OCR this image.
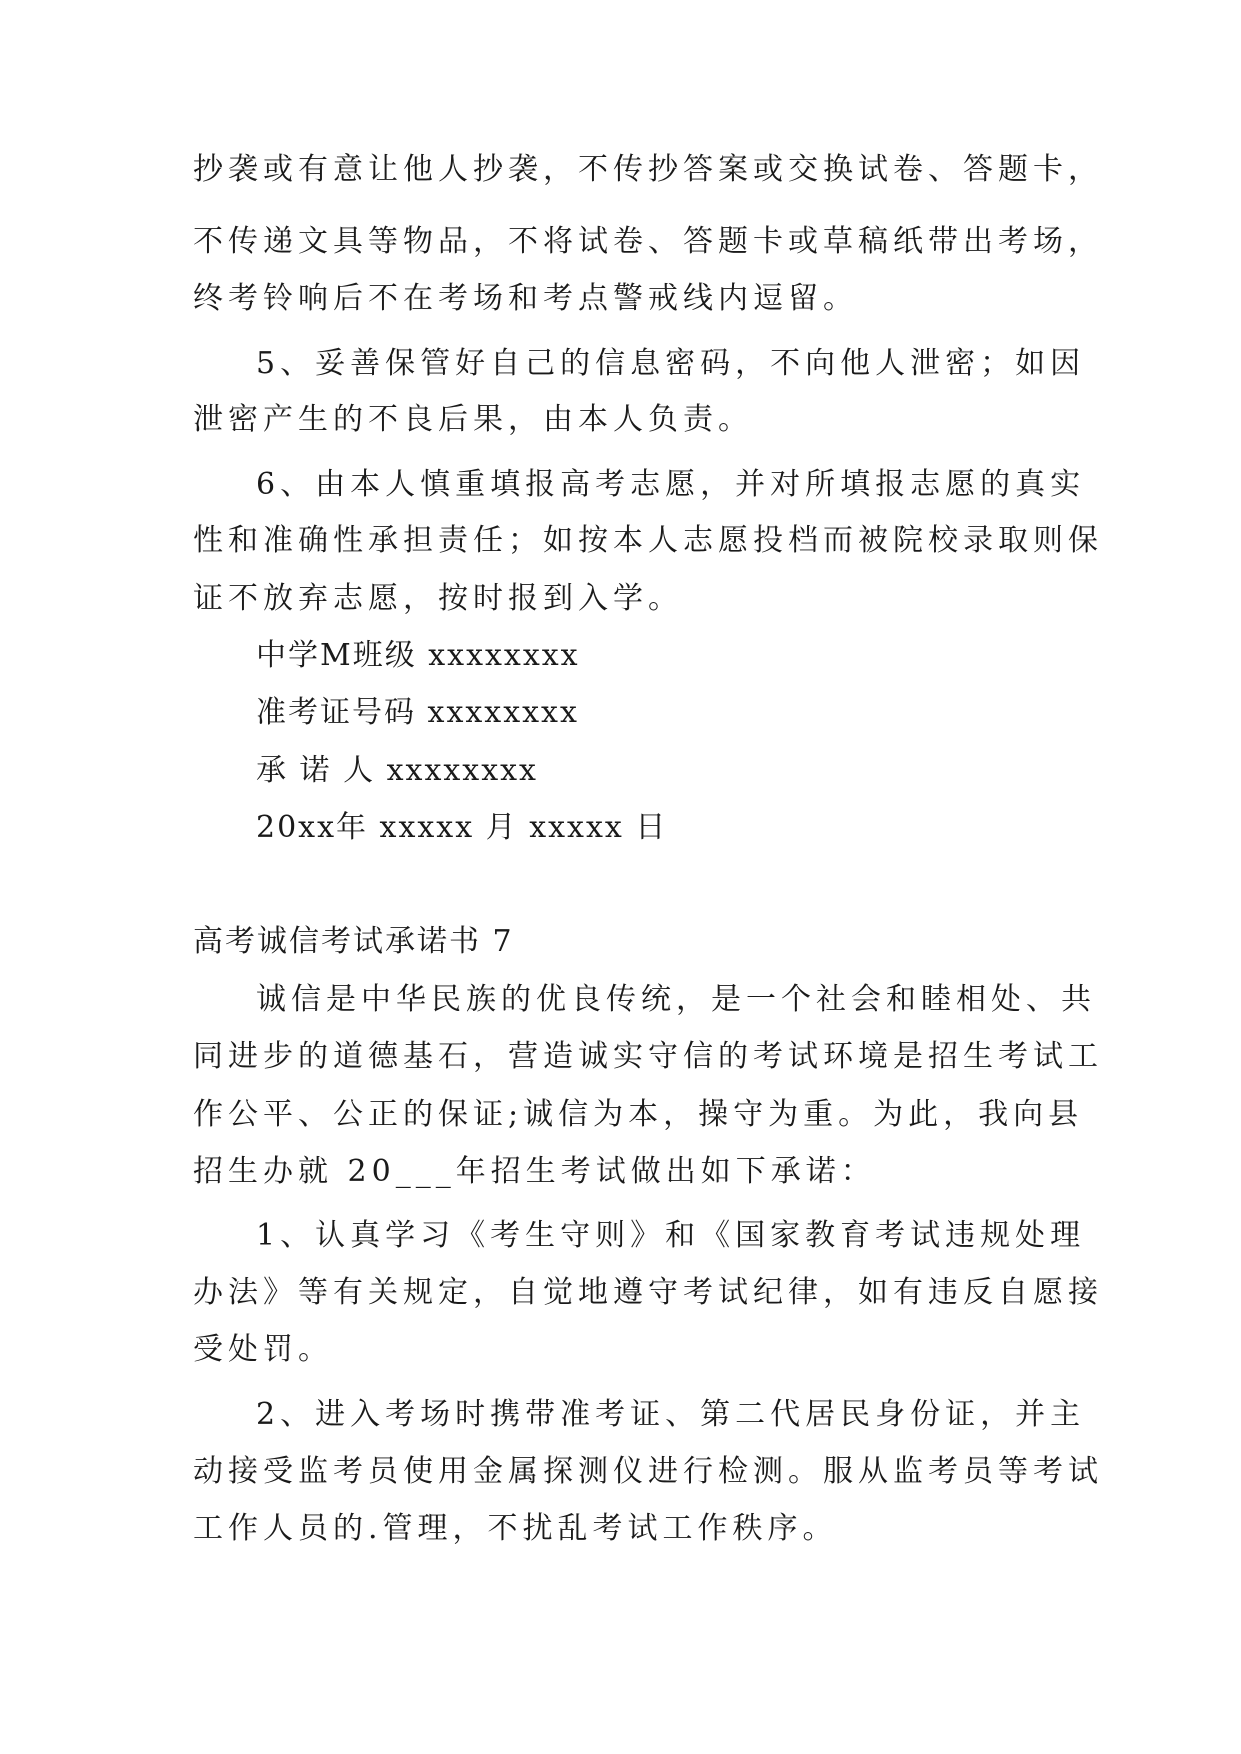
抄袭或有意让他人抄袭，不传抄答案或交换试卷、答题卡，
不传递文具等物品，不将试卷、答题卡或草稿纸带出考场，
终考铃响后不在考场和考点警戒线内逗留。
5、妥善保管好自己的信息密码，不向他人泄密；如因
泄密产生的不良后果，由本人负责。
6、由本人慎重填报高考志愿，并对所填报志愿的真实
性和准确性承担责任；如按本人志愿投档而被院校录取则保
证不放弃志愿，按时报到入学。
中学M班级 xxxxxxxx
准考证号码 xxxxxxxx
承 诺 人 xxxxxxxx
20xx年 xxxxx 月 xxxxx 日
高考诚信考试承诺书 7
诚信是中华民族的优良传统，是一个社会和睦相处、共
同进步的道德基石，营造诚实守信的考试环境是招生考试工
作公平、公正的保证;诚信为本，操守为重。为此，我向县
招生办就 20___年招生考试做出如下承诺：
1、认真学习《考生守则》和《国家教育考试违规处理
办法》等有关规定，自觉地遵守考试纪律，如有违反自愿接
受处罚。
2、进入考场时携带准考证、第二代居民身份证，并主
动接受监考员使用金属探测仪进行检测。服从监考员等考试
工作人员的.管理，不扰乱考试工作秩序。
